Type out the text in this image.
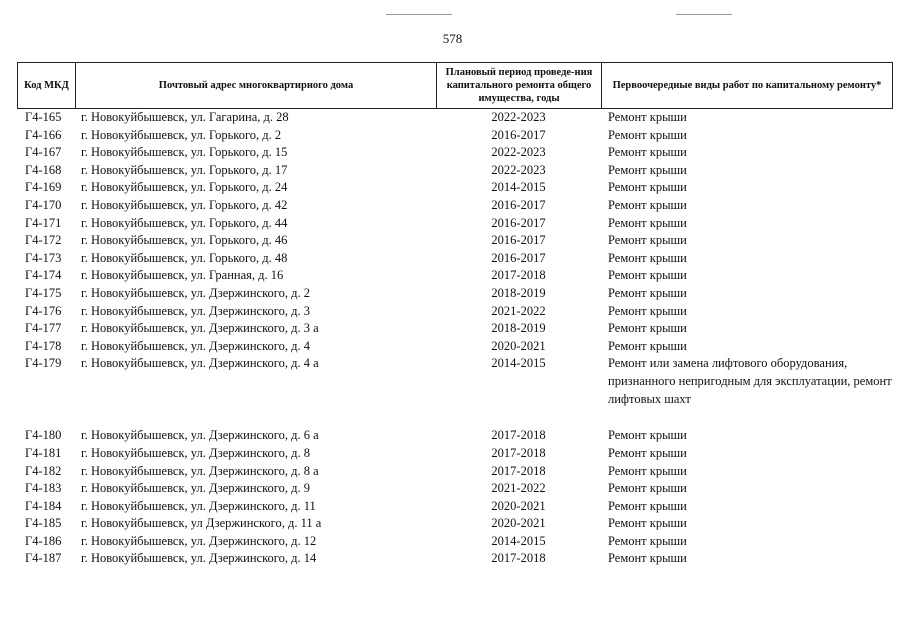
578
Код МКД	Почтовый адрес многоквартирного дома	Плановый период проведе-ния капитального ремонта общего имущества, годы	Первоочередные виды работ по капитальному ремонту*
Г4-165	г. Новокуйбышевск, ул. Гагарина, д. 28	2022-2023	Ремонт крыши
Г4-166	г. Новокуйбышевск, ул. Горького, д. 2	2016-2017	Ремонт крыши
Г4-167	г. Новокуйбышевск, ул. Горького, д. 15	2022-2023	Ремонт крыши
Г4-168	г. Новокуйбышевск, ул. Горького, д. 17	2022-2023	Ремонт крыши
Г4-169	г. Новокуйбышевск, ул. Горького, д. 24	2014-2015	Ремонт крыши
Г4-170	г. Новокуйбышевск, ул. Горького, д. 42	2016-2017	Ремонт крыши
Г4-171	г. Новокуйбышевск, ул. Горького, д. 44	2016-2017	Ремонт крыши
Г4-172	г. Новокуйбышевск, ул. Горького, д. 46	2016-2017	Ремонт крыши
Г4-173	г. Новокуйбышевск, ул. Горького, д. 48	2016-2017	Ремонт крыши
Г4-174	г. Новокуйбышевск, ул. Гранная, д. 16	2017-2018	Ремонт крыши
Г4-175	г. Новокуйбышевск, ул. Дзержинского, д. 2	2018-2019	Ремонт крыши
Г4-176	г. Новокуйбышевск, ул. Дзержинского, д. 3	2021-2022	Ремонт крыши
Г4-177	г. Новокуйбышевск, ул. Дзержинского, д. 3 а	2018-2019	Ремонт крыши
Г4-178	г. Новокуйбышевск, ул. Дзержинского, д. 4	2020-2021	Ремонт крыши
Г4-179	г. Новокуйбышевск, ул. Дзержинского, д. 4 а	2014-2015	Ремонт или замена лифтового оборудования, признанного непригодным для эксплуатации, ремонт лифтовых шахт
Г4-180	г. Новокуйбышевск, ул. Дзержинского, д. 6 а	2017-2018	Ремонт крыши
Г4-181	г. Новокуйбышевск, ул. Дзержинского, д. 8	2017-2018	Ремонт крыши
Г4-182	г. Новокуйбышевск, ул. Дзержинского, д. 8 а	2017-2018	Ремонт крыши
Г4-183	г. Новокуйбышевск, ул. Дзержинского, д. 9	2021-2022	Ремонт крыши
Г4-184	г. Новокуйбышевск, ул. Дзержинского, д. 11	2020-2021	Ремонт крыши
Г4-185	г. Новокуйбышевск, ул Дзержинского, д. 11 а	2020-2021	Ремонт крыши
Г4-186	г. Новокуйбышевск, ул. Дзержинского, д. 12	2014-2015	Ремонт крыши
Г4-187	г. Новокуйбышевск, ул. Дзержинского, д. 14	2017-2018	Ремонт крыши
